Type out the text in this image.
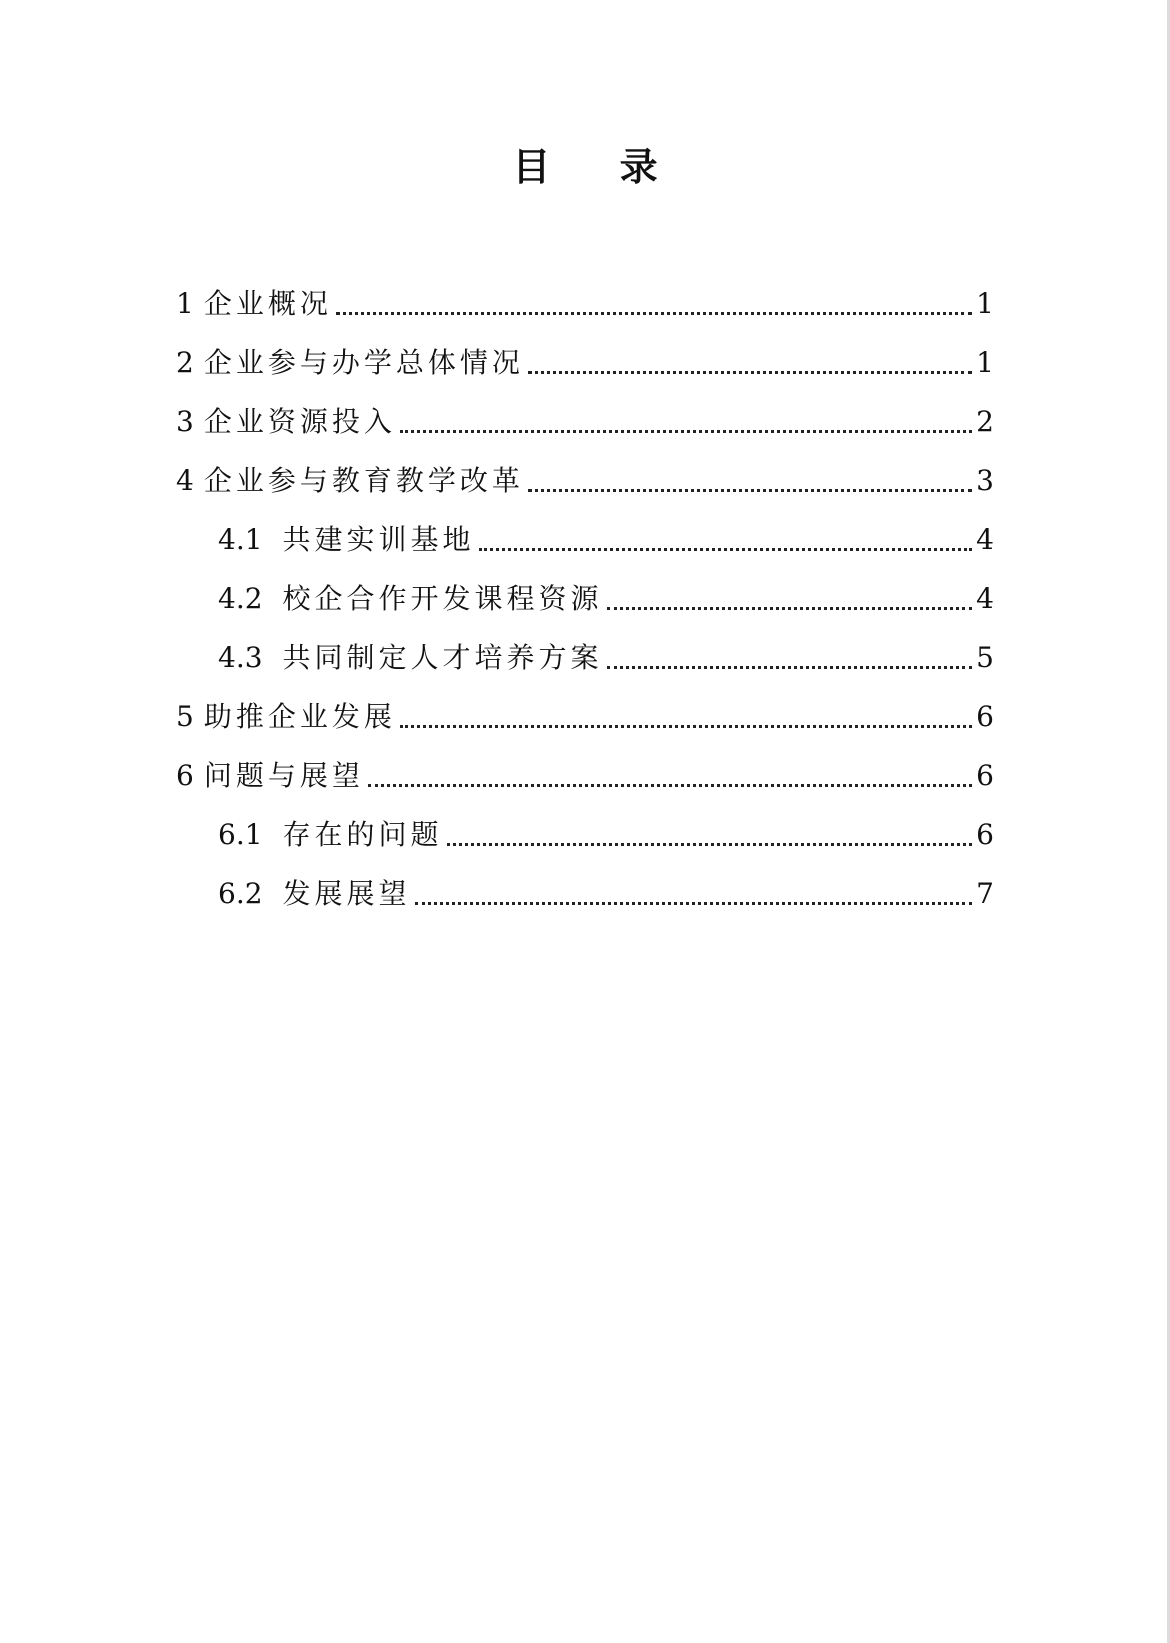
目 录
1 企业概况	1
2 企业参与办学总体情况	1
3 企业资源投入	2
4 企业参与教育教学改革	3
4.1 共建实训基地	4
4.2 校企合作开发课程资源	4
4.3 共同制定人才培养方案	5
5 助推企业发展	6
6 问题与展望	6
6.1 存在的问题	6
6.2 发展展望	7
